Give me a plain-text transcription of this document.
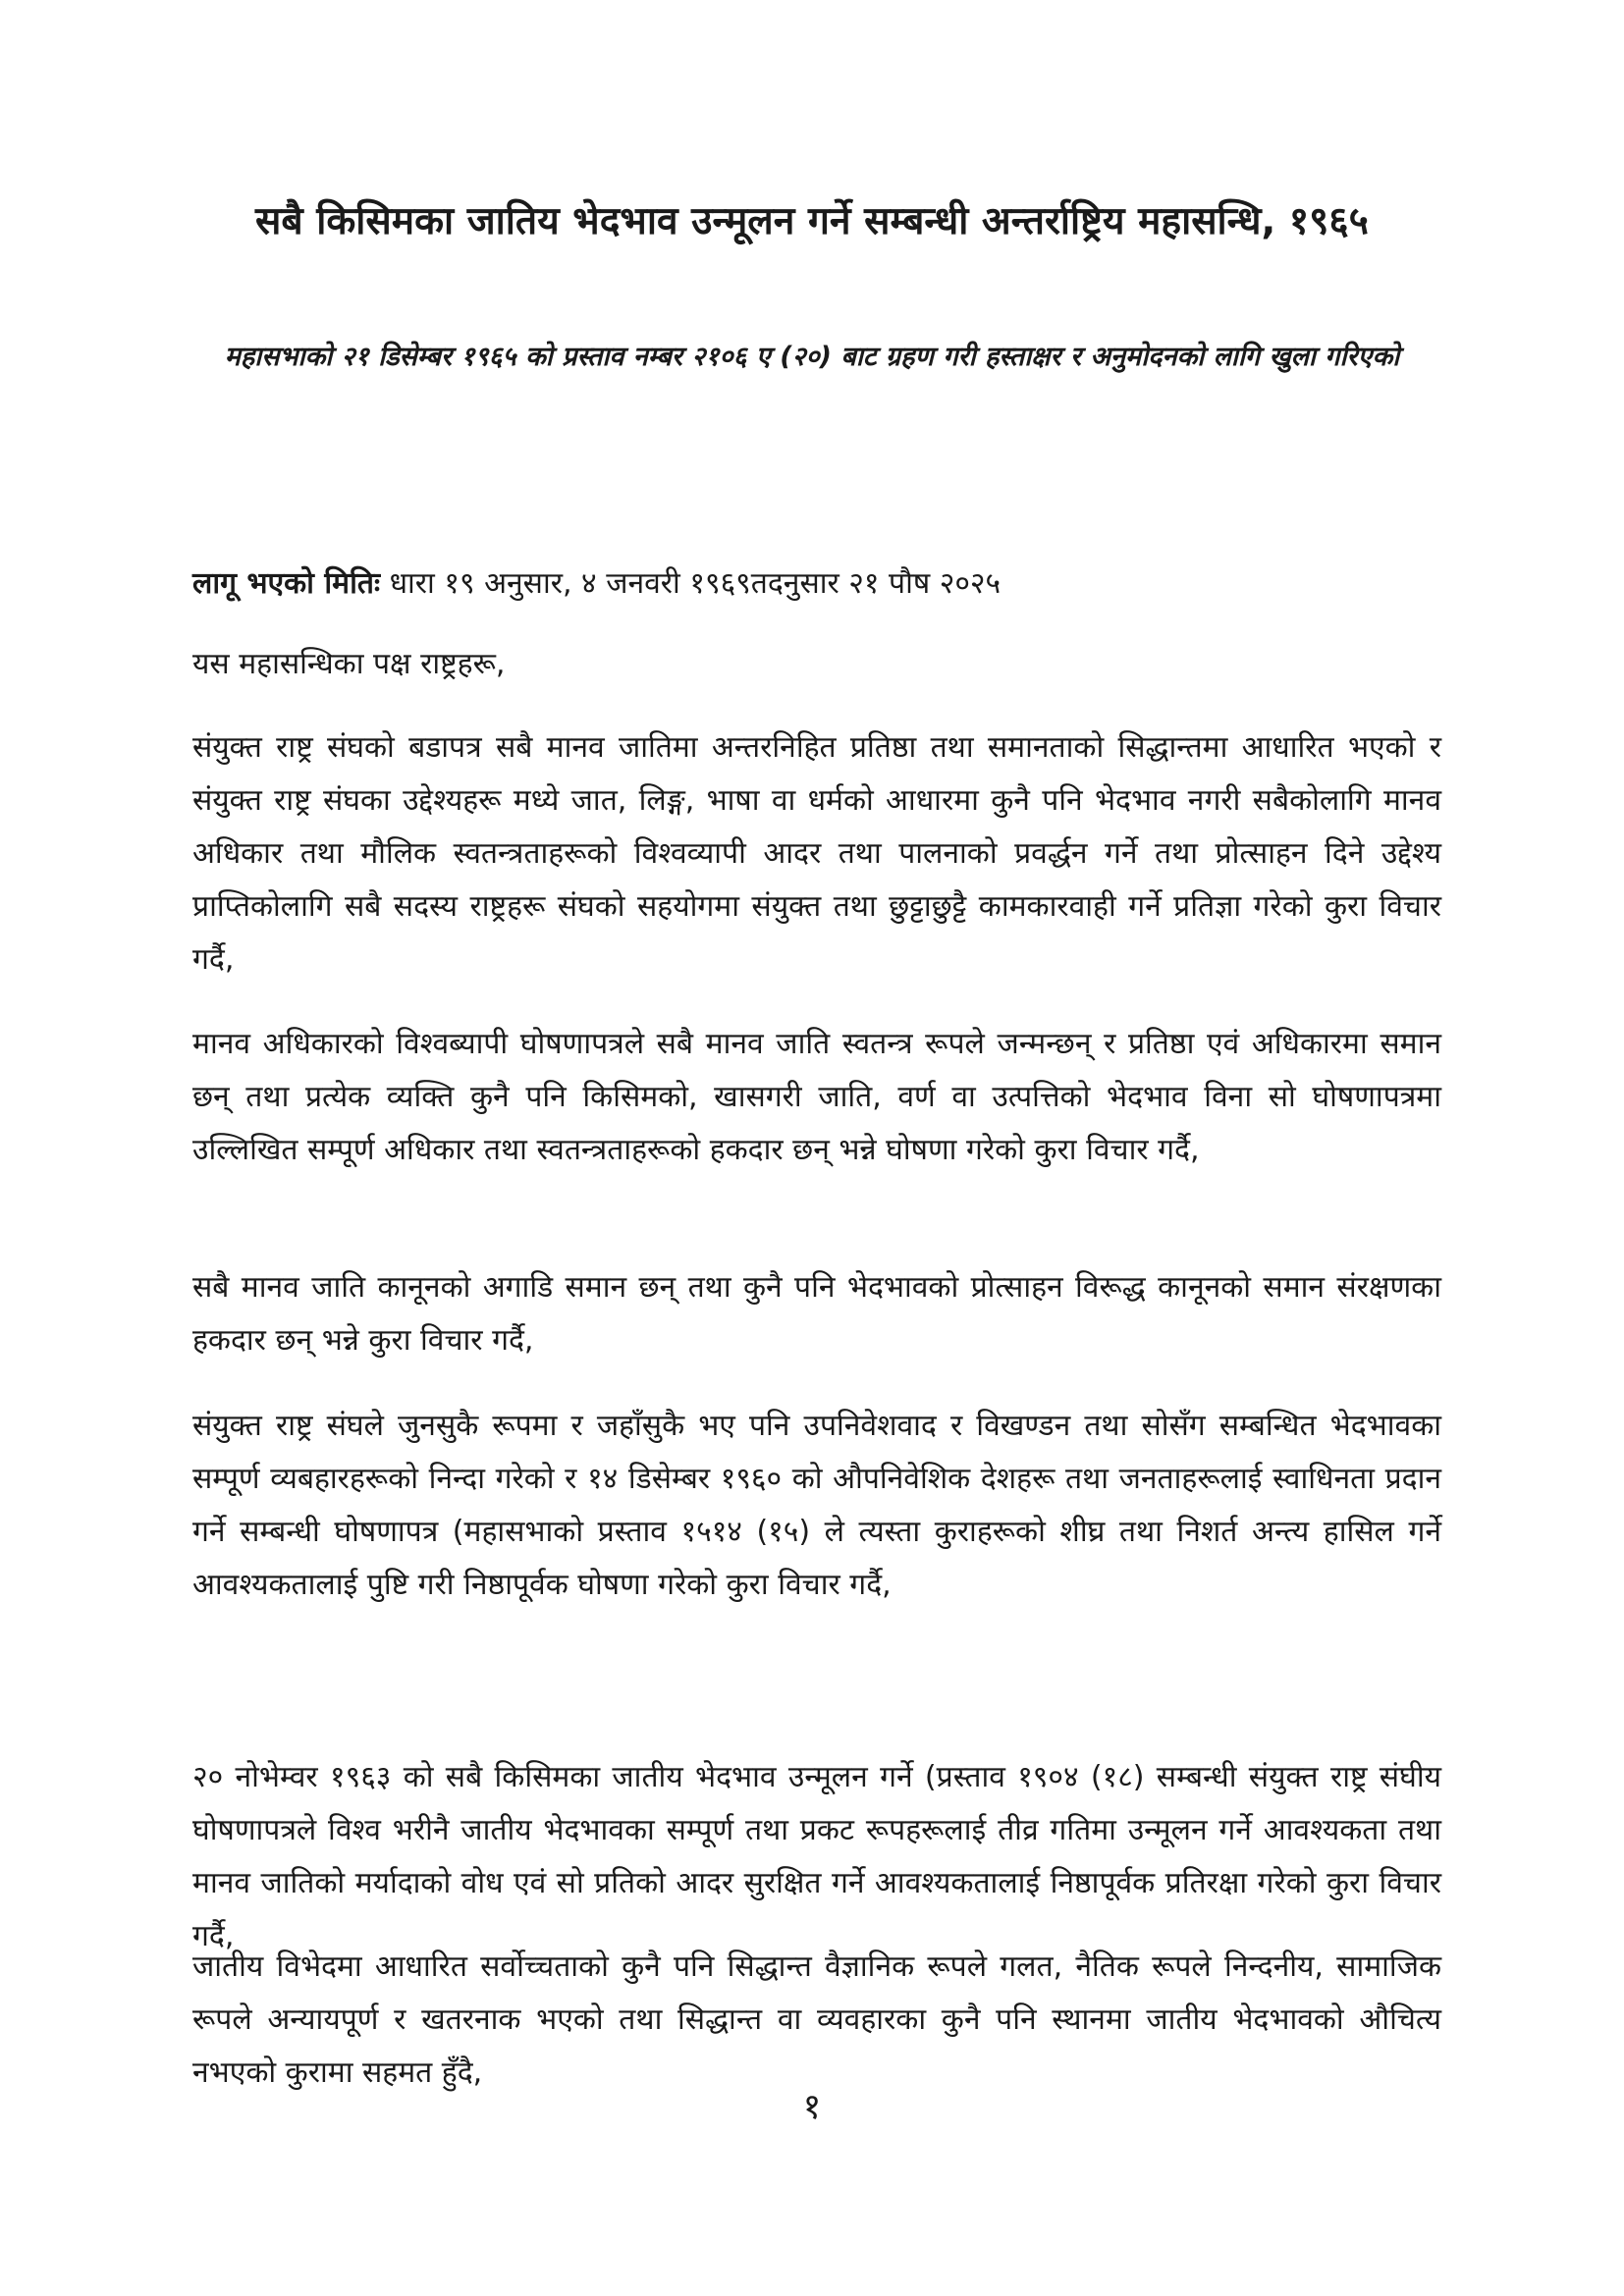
सबै किसिमका जातिय भेदभाव उन्मूलन गर्ने सम्बन्धी अन्तर्राष्ट्रिय महासन्धि, १९६५
महासभाको २१ डिसेम्बर १९६५ को प्रस्ताव नम्बर २१०६ ए (२०) बाट ग्रहण गरी हस्ताक्षर र अनुमोदनको लागि खुला गरिएको

लागू भएको मितिः धारा १९ अनुसार, ४ जनवरी १९६९तदनुसार २१ पौष २०२५

यस महासन्धिका पक्ष राष्ट्रहरू,

संयुक्त राष्ट्र संघको बडापत्र सबै मानव जातिमा अन्तरनिहित प्रतिष्ठा तथा समानताको सिद्धान्तमा आधारित भएको र संयुक्त राष्ट्र संघका उद्देश्यहरू मध्ये जात, लिङ्ग, भाषा वा धर्मको आधारमा कुनै पनि भेदभाव नगरी सबैकोलागि मानव अधिकार तथा मौलिक स्वतन्त्रताहरूको विश्वव्यापी आदर तथा पालनाको प्रवर्द्धन गर्ने तथा प्रोत्साहन दिने उद्देश्य प्राप्तिकोलागि सबै सदस्य राष्ट्रहरू संघको सहयोगमा संयुक्त तथा छुट्टाछुट्टै कामकारवाही गर्ने प्रतिज्ञा गरेको कुरा विचार गर्दै,

मानव अधिकारको विश्वब्यापी घोषणापत्रले सबै मानव जाति स्वतन्त्र रूपले जन्मन्छन् र प्रतिष्ठा एवं अधिकारमा समान छन् तथा प्रत्येक व्यक्ति कुनै पनि किसिमको, खासगरी जाति, वर्ण वा उत्पत्तिको भेदभाव विना सो घोषणापत्रमा उल्लिखित सम्पूर्ण अधिकार तथा स्वतन्त्रताहरूको हकदार छन् भन्ने घोषणा गरेको कुरा विचार गर्दै,

सबै मानव जाति कानूनको अगाडि समान छन् तथा कुनै पनि भेदभावको प्रोत्साहन विरूद्ध कानूनको समान संरक्षणका हकदार छन् भन्ने कुरा विचार गर्दै,

संयुक्त राष्ट्र संघले जुनसुकै रूपमा र जहाँसुकै भए पनि उपनिवेशवाद र विखण्डन तथा सोसँग सम्बन्धित भेदभावका सम्पूर्ण व्यबहारहरूको निन्दा गरेको र १४ डिसेम्बर १९६० को औपनिवेशिक देशहरू तथा जनताहरूलाई स्वाधिनता प्रदान गर्ने सम्बन्धी घोषणापत्र (महासभाको प्रस्ताव १५१४ (१५) ले त्यस्ता कुराहरूको शीघ्र तथा निशर्त अन्त्य हासिल गर्ने आवश्यकतालाई पुष्टि गरी निष्ठापूर्वक घोषणा गरेको कुरा विचार गर्दै,

२० नोभेम्वर १९६३ को सबै किसिमका जातीय भेदभाव उन्मूलन गर्ने (प्रस्ताव १९०४ (१८) सम्बन्धी संयुक्त राष्ट्र संघीय घोषणापत्रले विश्व भरीनै जातीय भेदभावका सम्पूर्ण तथा प्रकट रूपहरूलाई तीव्र गतिमा उन्मूलन गर्ने आवश्यकता तथा मानव जातिको मर्यादाको वोध एवं सो प्रतिको आदर सुरक्षित गर्ने आवश्यकतालाई निष्ठापूर्वक प्रतिरक्षा गरेको कुरा विचार गर्दै,

जातीय विभेदमा आधारित सर्वोच्चताको कुनै पनि सिद्धान्त वैज्ञानिक रूपले गलत, नैतिक रूपले निन्दनीय, सामाजिक रूपले अन्यायपूर्ण र खतरनाक भएको तथा सिद्धान्त वा व्यवहारका कुनै पनि स्थानमा जातीय भेदभावको औचित्य नभएको कुरामा सहमत हुँदै,

१
